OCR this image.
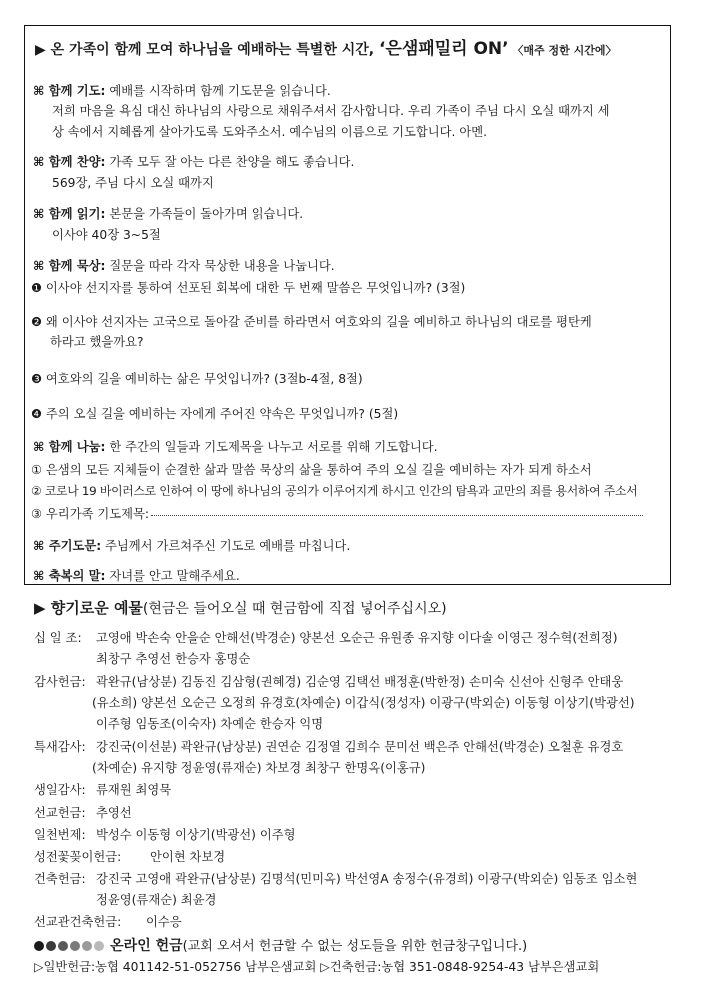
▶ 온 가족이 함께 모여 하나님을 예배하는 특별한 시간, ‘은샘패밀리 ON’ 〈매주 정한 시간에〉
⌘ 함께 기도: 예배를 시작하며 함께 기도문을 읽습니다.
저희 마음을 욕심 대신 하나님의 사랑으로 채워주셔서 감사합니다. 우리 가족이 주님 다시 오실 때까지 세
상 속에서 지혜롭게 살아가도록 도와주소서. 예수님의 이름으로 기도합니다. 아멘.
⌘ 함께 찬양: 가족 모두 잘 아는 다른 찬양을 해도 좋습니다.
569장, 주님 다시 오실 때까지
⌘ 함께 읽기: 본문을 가족들이 돌아가며 읽습니다.
이사야 40장 3~5절
⌘ 함께 묵상: 질문을 따라 각자 묵상한 내용을 나눕니다.
❶ 이사야 선지자를 통하여 선포된 회복에 대한 두 번째 말씀은 무엇입니까? (3절)
❷ 왜 이사야 선지자는 고국으로 돌아갈 준비를 하라면서 여호와의 길을 예비하고 하나님의 대로를 평탄케
하라고 했을까요?
❸ 여호와의 길을 예비하는 삶은 무엇입니까? (3절b-4절, 8절)
❹ 주의 오실 길을 예비하는 자에게 주어진 약속은 무엇입니까? (5절)
⌘ 함께 나눔: 한 주간의 일들과 기도제목을 나누고 서로를 위해 기도합니다.
① 은샘의 모든 지체들이 순결한 삶과 말씀 묵상의 삶을 통하여 주의 오실 길을 예비하는 자가 되게 하소서
② 코로나 19 바이러스로 인하여 이 땅에 하나님의 공의가 이루어지게 하시고 인간의 탐욕과 교만의 죄를 용서하여 주소서
③ 우리가족 기도제목:
⌘ 주기도문: 주님께서 가르쳐주신 기도로 예배를 마칩니다.
⌘ 축복의 말: 자녀를 안고 말해주세요.
▶ 향기로운 예물(현금은 들어오실 때 현금함에 직접 넣어주십시오)
십 일 조: 고영애 박손숙 안을순 안해선(박경순) 양본선 오순근 유원종 유지향 이다솔 이영근 정수혁(전희정)
최창구 추영선 한승자 홍명순
감사헌금: 곽완규(남상분) 김동진 김삼형(권혜경) 김순영 김택선 배정훈(박한정) 손미숙 신선아 신형주 안태웅
(유소희) 양본선 오순근 오정희 유경호(차예순) 이갑식(정성자) 이광구(박외순) 이동형 이상기(박광선)
이주형 임동조(이숙자) 차예순 한승자 익명
특새감사: 강진국(이선분) 곽완규(남상분) 권연순 김정열 김희수 문미선 백은주 안해선(박경순) 오철훈 유경호
(차예순) 유지향 정윤영(류재순) 차보경 최창구 한명옥(이홍규)
생일감사: 류재원 최영묵
선교헌금: 추영선
일천번제: 박성수 이동형 이상기(박광선) 이주형
성전꽃꽂이헌금: 안이현 차보경
건축헌금: 강진국 고영애 곽완규(남상분) 김명석(민미옥) 박선영A 송정수(유경희) 이광구(박외순) 임동조 임소현
정윤영(류재순) 최윤경
선교관건축헌금: 이수응
온라인 헌금(교회 오셔서 헌금할 수 없는 성도들을 위한 헌금창구입니다.)
▷일반헌금:농협 401142-51-052756 남부은샘교회 ▷건축헌금:농협 351-0848-9254-43 남부은샘교회
